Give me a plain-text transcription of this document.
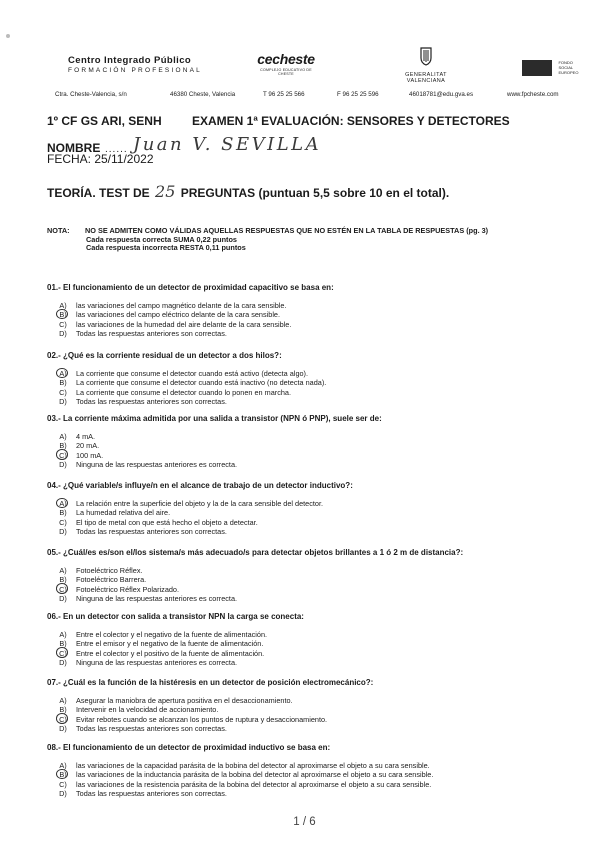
Centro Integrado Público
FORMACIÓN PROFESIONAL
cecheste
COMPLEJO EDUCATIVO DE CHESTE	GENERALITAT VALENCIANA

FONDO
SOCIAL
EUROPEO
Ctra. Cheste-Valencia, s/n	46380 Cheste, Valencia	T 96 25 25 566	F 96 25 25 596	46018781@edu.gva.es	www.fpcheste.com
1º CF GS ARI, SENH	EXAMEN 1ª EVALUACIÓN: SENSORES Y DETECTORES
NOMBRE ...... Juan V. SEVILLA
FECHA: 25/11/2022
TEORÍA. TEST DE 25 PREGUNTAS (puntuan 5,5 sobre 10 en el total).
NOTA: NO SE ADMITEN COMO VÁLIDAS AQUELLAS RESPUESTAS QUE NO ESTÉN EN LA TABLA DE RESPUESTAS (pg. 3)
Cada respuesta correcta SUMA 0,22 puntos
Cada respuesta incorrecta RESTA 0,11 puntos
01.- El funcionamiento de un detector de proximidad capacitivo se basa en:
A) las variaciones del campo magnético delante de la cara sensible.
B) las variaciones del campo eléctrico delante de la cara sensible.
C) las variaciones de la humedad del aire delante de la cara sensible.
D) Todas las respuestas anteriores son correctas.
02.- ¿Qué es la corriente residual de un detector a dos hilos?:
A) La corriente que consume el detector cuando está activo (detecta algo).
B) La corriente que consume el detector cuando está inactivo (no detecta nada).
C) La corriente que consume el detector cuando lo ponen en marcha.
D) Todas las respuestas anteriores son correctas.
03.- La corriente máxima admitida por una salida a transistor (NPN ó PNP), suele ser de:
A) 4 mA.
B) 20 mA.
C) 100 mA.
D) Ninguna de las respuestas anteriores es correcta.
04.- ¿Qué variable/s influye/n en el alcance de trabajo de un detector inductivo?:
A) La relación entre la superficie del objeto y la de la cara sensible del detector.
B) La humedad relativa del aire.
C) El tipo de metal con que está hecho el objeto a detectar.
D) Todas las respuestas anteriores son correctas.
05.- ¿Cuál/es es/son el/los sistema/s más adecuado/s para detectar objetos brillantes a 1 ó 2 m de distancia?:
A) Fotoeléctrico Réflex.
B) Fotoeléctrico Barrera.
C) Fotoeléctrico Réflex Polarizado.
D) Ninguna de las respuestas anteriores es correcta.
06.- En un detector con salida a transistor NPN la carga se conecta:
A) Entre el colector y el negativo de la fuente de alimentación.
B) Entre el emisor y el negativo de la fuente de alimentación.
C) Entre el colector y el positivo de la fuente de alimentación.
D) Ninguna de las respuestas anteriores es correcta.
07.- ¿Cuál es la función de la histéresis en un detector de posición electromecánico?:
A) Asegurar la maniobra de apertura positiva en el desaccionamiento.
B) Intervenir en la velocidad de accionamiento.
C) Evitar rebotes cuando se alcanzan los puntos de ruptura y desaccionamiento.
D) Todas las respuestas anteriores son correctas.
08.- El funcionamiento de un detector de proximidad inductivo se basa en:
A) las variaciones de la capacidad parásita de la bobina del detector al aproximarse el objeto a su cara sensible.
B) las variaciones de la inductancia parásita de la bobina del detector al aproximarse el objeto a su cara sensible.
C) las variaciones de la resistencia parásita de la bobina del detector al aproximarse el objeto a su cara sensible.
D) Todas las respuestas anteriores son correctas.
1 / 6
